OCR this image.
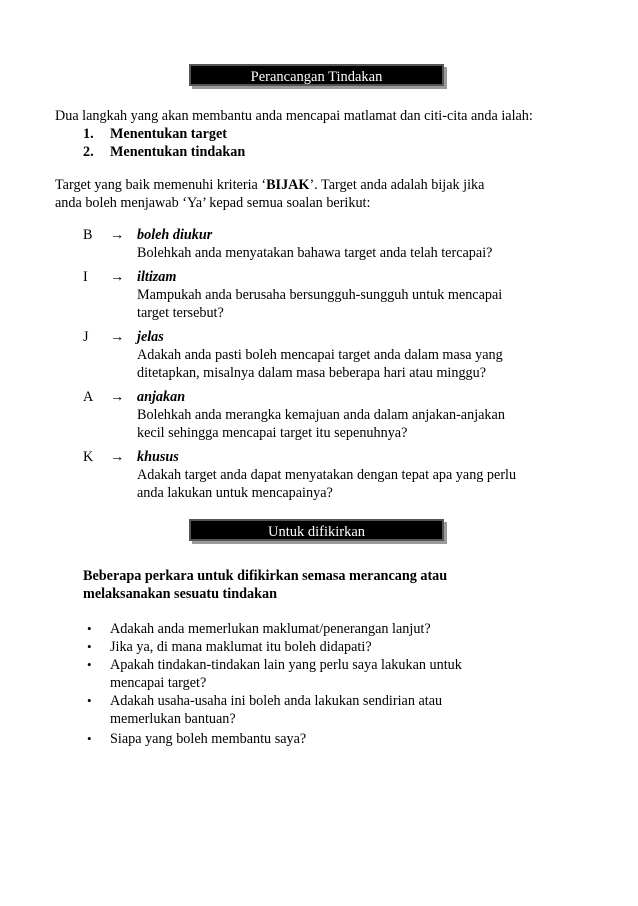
Perancangan Tindakan
Dua langkah yang akan membantu anda mencapai matlamat dan citi-cita anda ialah:
1. Menentukan target
2. Menentukan tindakan
Target yang baik memenuhi kriteria ‘BIJAK’. Target anda adalah bijak jika
anda boleh menjawab ‘Ya’ kepad semua soalan berikut:
B → boleh diukur
Bolehkah anda menyatakan bahawa target anda telah tercapai?
I → iltizam
Mampukah anda berusaha bersungguh-sungguh untuk mencapai
target tersebut?
J → jelas
Adakah anda pasti boleh mencapai target anda dalam masa yang
ditetapkan, misalnya dalam masa beberapa hari atau minggu?
A → anjakan
Bolehkah anda merangka kemajuan anda dalam anjakan-anjakan
kecil sehingga mencapai target itu sepenuhnya?
K → khusus
Adakah target anda dapat menyatakan dengan tepat apa yang perlu
anda lakukan untuk mencapainya?
Untuk difikirkan
Beberapa perkara untuk difikirkan semasa merancang atau
melaksanakan sesuatu tindakan
• Adakah anda memerlukan maklumat/penerangan lanjut?
• Jika ya, di mana maklumat itu boleh didapati?
• Apakah tindakan-tindakan lain yang perlu saya lakukan untuk
mencapai target?
• Adakah usaha-usaha ini boleh anda lakukan sendirian atau
memerlukan bantuan?
• Siapa yang boleh membantu saya?
